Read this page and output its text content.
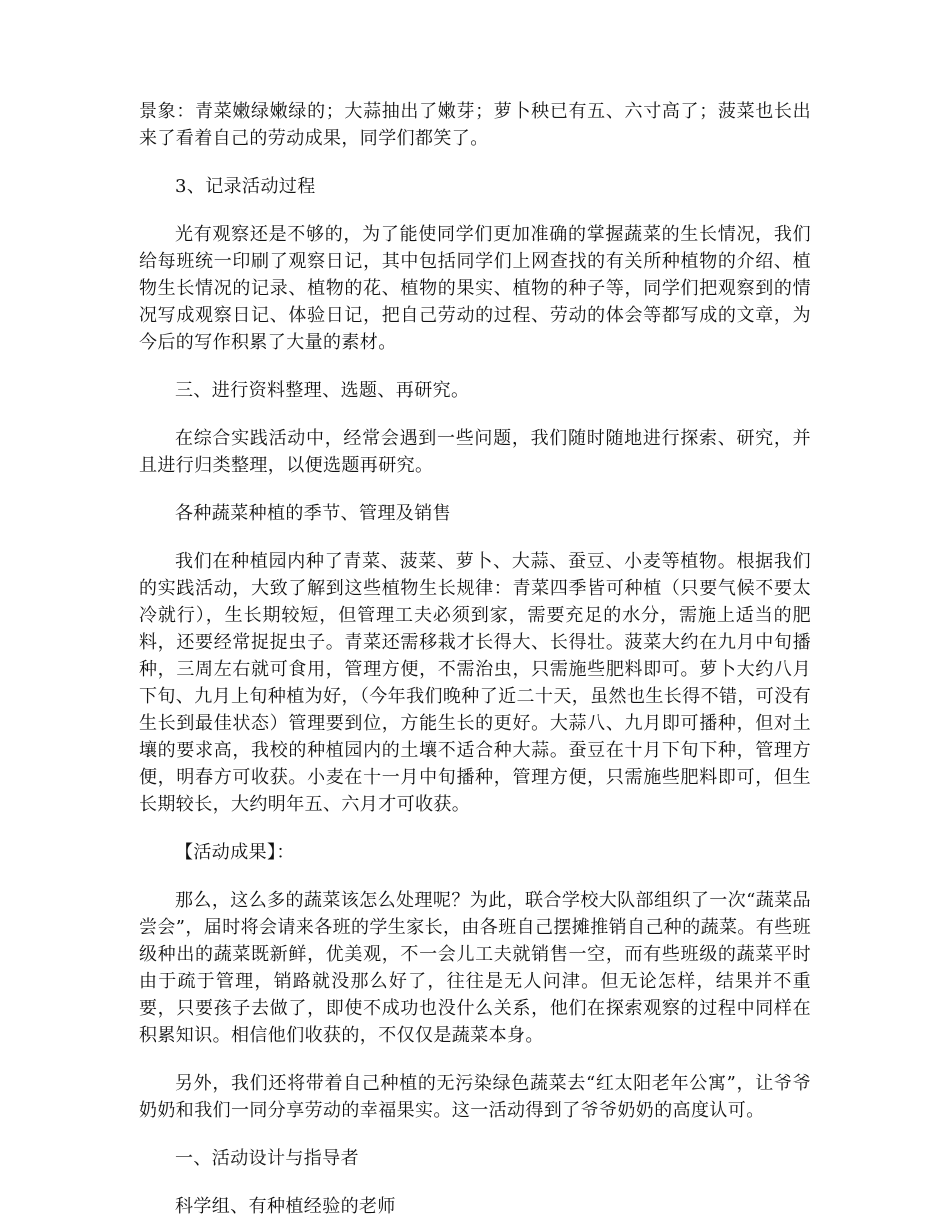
景象：青菜嫩绿嫩绿的；大蒜抽出了嫩芽；萝卜秧已有五、六寸高了；菠菜也长出来了看着自己的劳动成果，同学们都笑了。

3、记录活动过程

光有观察还是不够的，为了能使同学们更加准确的掌握蔬菜的生长情况，我们给每班统一印刷了观察日记，其中包括同学们上网查找的有关所种植物的介绍、植物生长情况的记录、植物的花、植物的果实、植物的种子等，同学们把观察到的情况写成观察日记、体验日记，把自己劳动的过程、劳动的体会等都写成的文章，为今后的写作积累了大量的素材。

三、进行资料整理、选题、再研究。

在综合实践活动中，经常会遇到一些问题，我们随时随地进行探索、研究，并且进行归类整理，以便选题再研究。

各种蔬菜种植的季节、管理及销售

我们在种植园内种了青菜、菠菜、萝卜、大蒜、蚕豆、小麦等植物。根据我们的实践活动，大致了解到这些植物生长规律：青菜四季皆可种植（只要气候不要太冷就行），生长期较短，但管理工夫必须到家，需要充足的水分，需施上适当的肥料，还要经常捉捉虫子。青菜还需移栽才长得大、长得壮。菠菜大约在九月中旬播种，三周左右就可食用，管理方便，不需治虫，只需施些肥料即可。萝卜大约八月下旬、九月上旬种植为好，（今年我们晚种了近二十天，虽然也生长得不错，可没有生长到最佳状态）管理要到位，方能生长的更好。大蒜八、九月即可播种，但对土壤的要求高，我校的种植园内的土壤不适合种大蒜。蚕豆在十月下旬下种，管理方便，明春方可收获。小麦在十一月中旬播种，管理方便，只需施些肥料即可，但生长期较长，大约明年五、六月才可收获。

【活动成果】：

那么，这么多的蔬菜该怎么处理呢？为此，联合学校大队部组织了一次“蔬菜品尝会”，届时将会请来各班的学生家长，由各班自己摆摊推销自己种的蔬菜。有些班级种出的蔬菜既新鲜，优美观，不一会儿工夫就销售一空，而有些班级的蔬菜平时由于疏于管理，销路就没那么好了，往往是无人问津。但无论怎样，结果并不重要，只要孩子去做了，即使不成功也没什么关系，他们在探索观察的过程中同样在积累知识。相信他们收获的，不仅仅是蔬菜本身。

另外，我们还将带着自己种植的无污染绿色蔬菜去“红太阳老年公寓”，让爷爷奶奶和我们一同分享劳动的幸福果实。这一活动得到了爷爷奶奶的高度认可。

一、活动设计与指导者

科学组、有种植经验的老师
